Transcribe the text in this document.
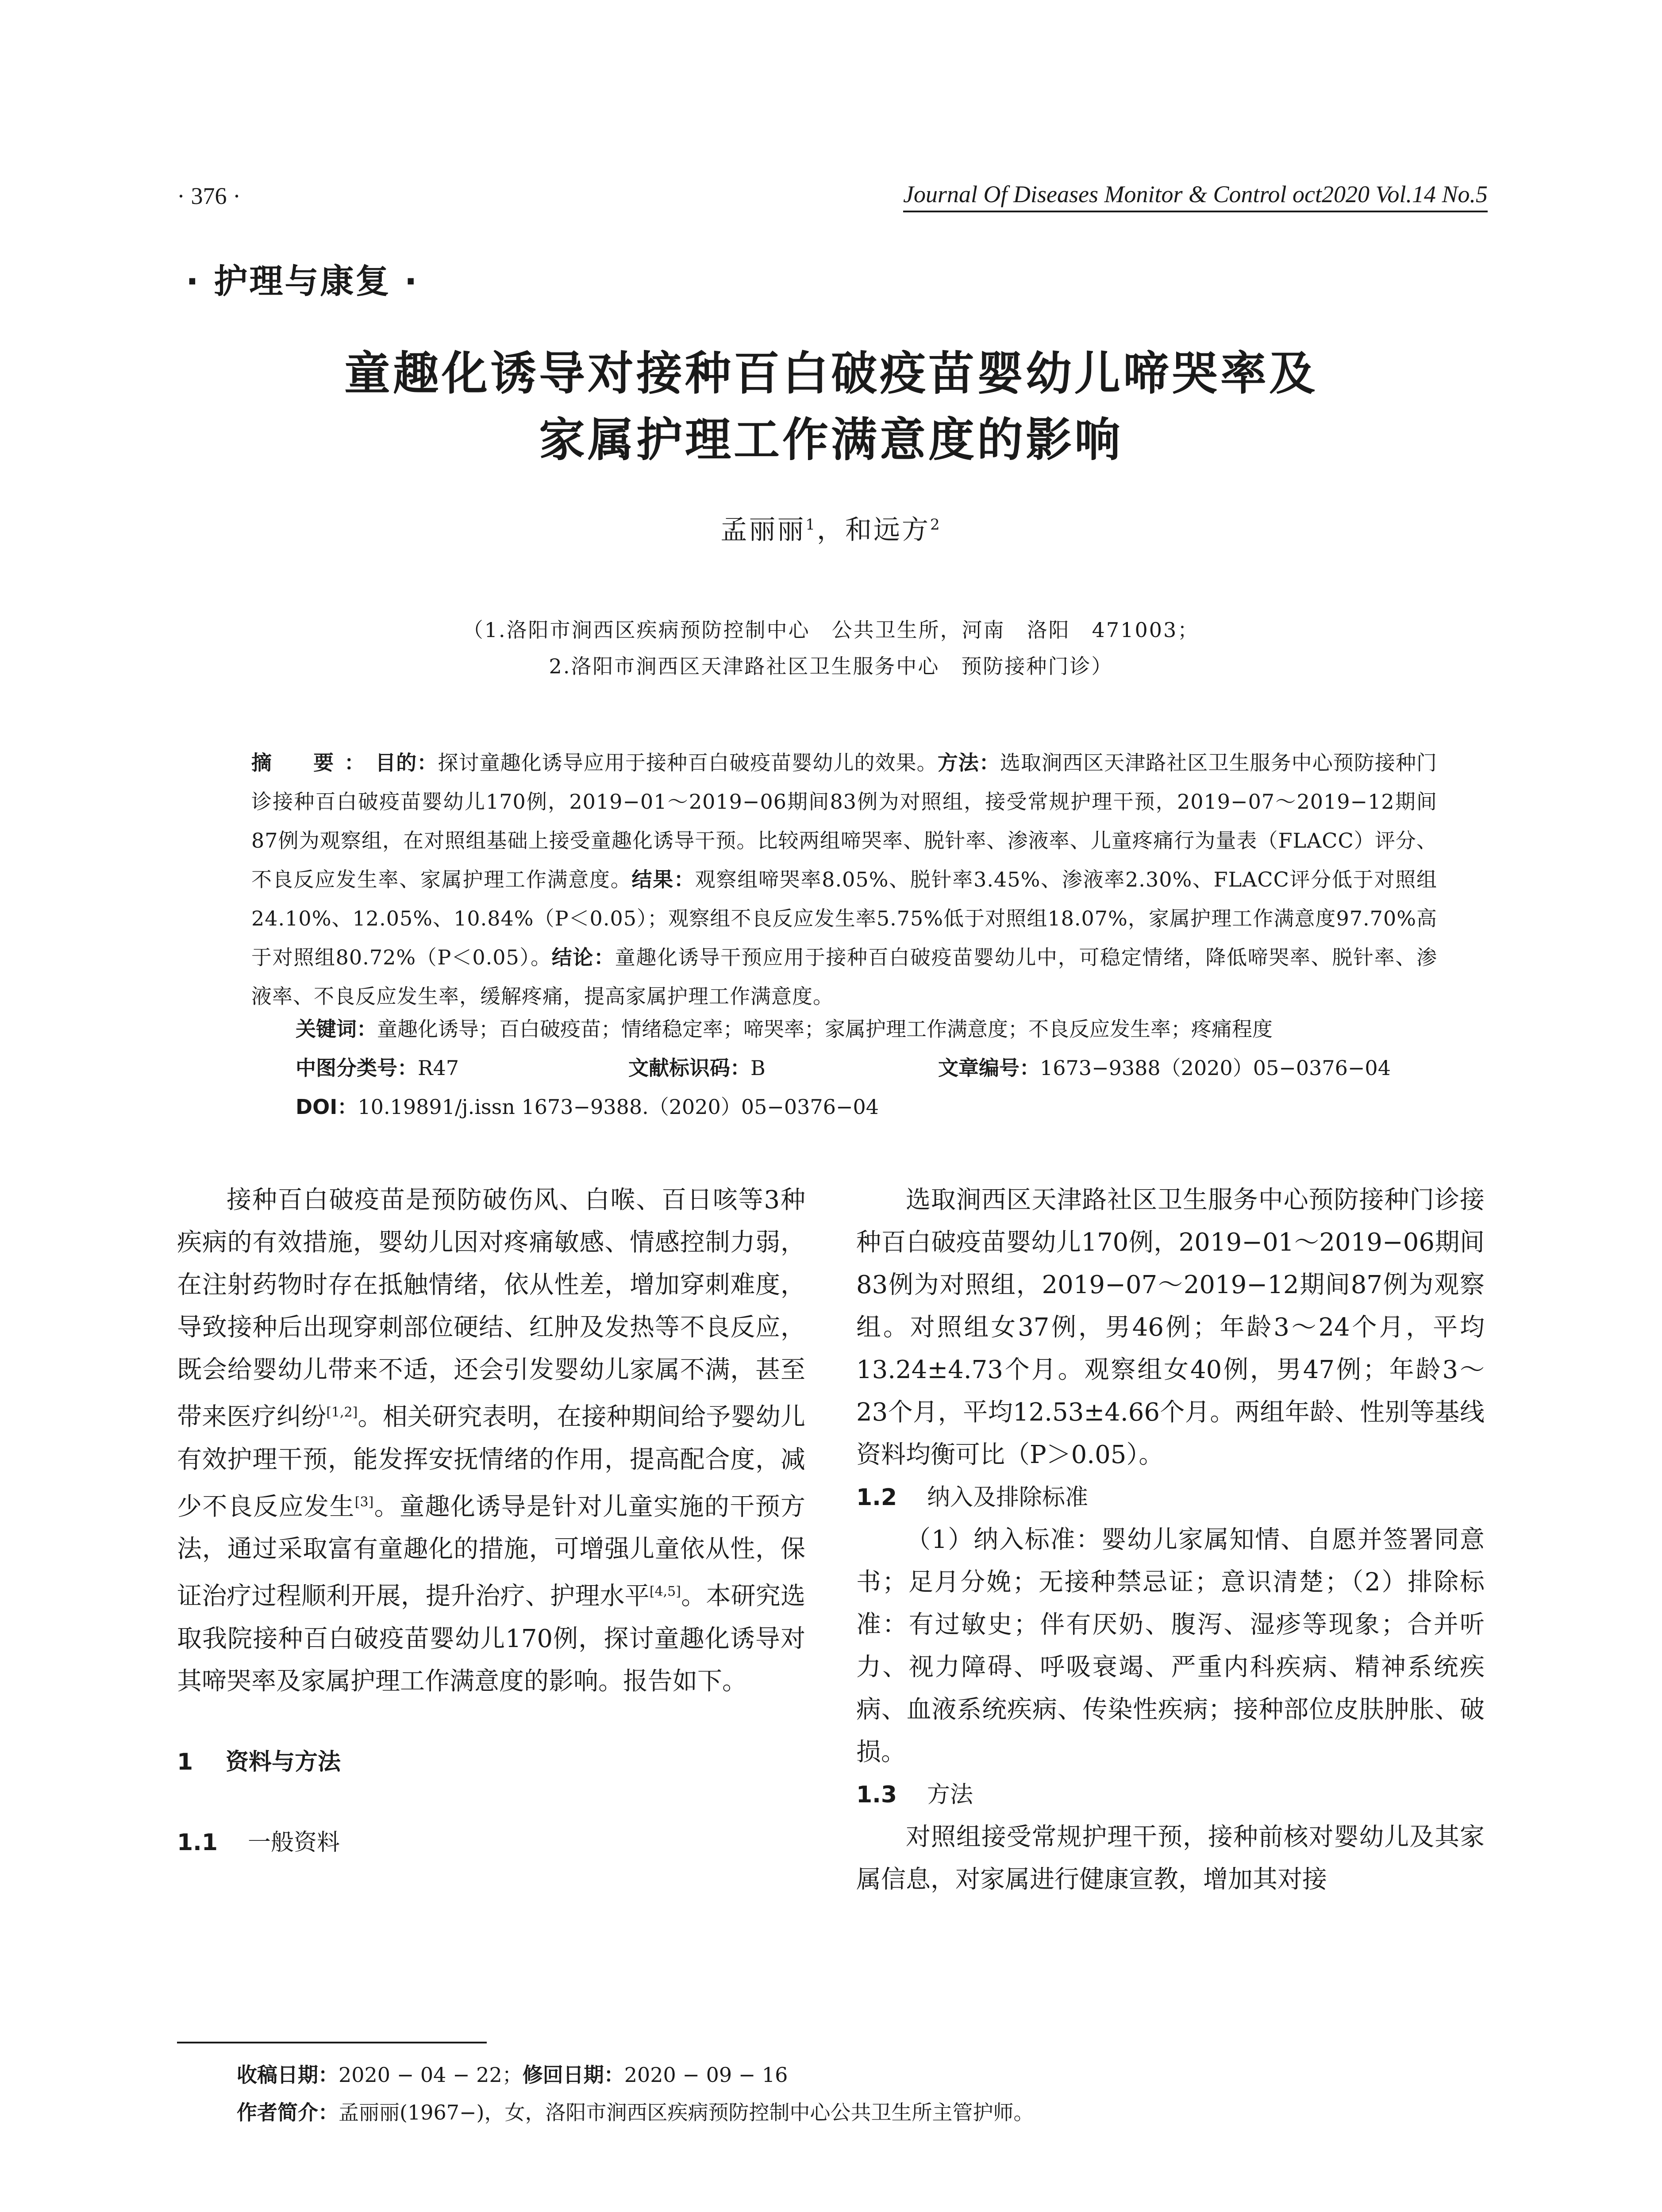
· 376 ·	Journal Of Diseases Monitor & Control oct2020 Vol.14 No.5
· 护理与康复 ·
童趣化诱导对接种百白破疫苗婴幼儿啼哭率及
家属护理工作满意度的影响
孟丽丽$^1$，和远方$^2$
（1.洛阳市涧西区疾病预防控制中心　公共卫生所，河南　洛阳　471003；
2.洛阳市涧西区天津路社区卫生服务中心　预防接种门诊）
摘　要：目的：探讨童趣化诱导应用于接种百白破疫苗婴幼儿的效果。方法：选取涧西区天津路社区卫生服务中心预防接种门诊接种百白破疫苗婴幼儿170例，2019−01～2019−06期间83例为对照组，接受常规护理干预，2019−07～2019−12期间87例为观察组，在对照组基础上接受童趣化诱导干预。比较两组啼哭率、脱针率、渗液率、儿童疼痛行为量表（FLACC）评分、不良反应发生率、家属护理工作满意度。结果：观察组啼哭率8.05%、脱针率3.45%、渗液率2.30%、FLACC评分低于对照组24.10%、12.05%、10.84%（P＜0.05）；观察组不良反应发生率5.75%低于对照组18.07%，家属护理工作满意度97.70%高于对照组80.72%（P＜0.05）。结论：童趣化诱导干预应用于接种百白破疫苗婴幼儿中，可稳定情绪，降低啼哭率、脱针率、渗液率、不良反应发生率，缓解疼痛，提高家属护理工作满意度。
关键词：童趣化诱导；百白破疫苗；情绪稳定率；啼哭率；家属护理工作满意度；不良反应发生率；疼痛程度
中图分类号：R47	文献标识码：B	文章编号：1673−9388（2020）05−0376−04
DOI：10.19891/j.issn 1673−9388.（2020）05−0376−04

接种百白破疫苗是预防破伤风、白喉、百日咳等3种疾病的有效措施，婴幼儿因对疼痛敏感、情感控制力弱，在注射药物时存在抵触情绪，依从性差，增加穿刺难度，导致接种后出现穿刺部位硬结、红肿及发热等不良反应，既会给婴幼儿带来不适，还会引发婴幼儿家属不满，甚至带来医疗纠纷[1,2]。相关研究表明，在接种期间给予婴幼儿有效护理干预，能发挥安抚情绪的作用，提高配合度，减少不良反应发生[3]。童趣化诱导是针对儿童实施的干预方法，通过采取富有童趣化的措施，可增强儿童依从性，保证治疗过程顺利开展，提升治疗、护理水平[4,5]。本研究选取我院接种百白破疫苗婴幼儿170例，探讨童趣化诱导对其啼哭率及家属护理工作满意度的影响。报告如下。

1 资料与方法

1.1 一般资料

选取涧西区天津路社区卫生服务中心预防接种门诊接种百白破疫苗婴幼儿170例，2019−01～2019−06期间83例为对照组，2019−07～2019−12期间87例为观察组。对照组女37例，男46例；年龄3～24个月，平均13.24±4.73个月。观察组女40例，男47例；年龄3～23个月，平均12.53±4.66个月。两组年龄、性别等基线资料均衡可比（P＞0.05）。

1.2 纳入及排除标准

（1）纳入标准：婴幼儿家属知情、自愿并签署同意书；足月分娩；无接种禁忌证；意识清楚；（2）排除标准：有过敏史；伴有厌奶、腹泻、湿疹等现象；合并听力、视力障碍、呼吸衰竭、严重内科疾病、精神系统疾病、血液系统疾病、传染性疾病；接种部位皮肤肿胀、破损。

1.3 方法

对照组接受常规护理干预，接种前核对婴幼儿及其家属信息，对家属进行健康宣教，增加其对接

收稿日期：2020 − 04 − 22；修回日期：2020 − 09 − 16
作者简介：孟丽丽(1967−)，女，洛阳市涧西区疾病预防控制中心公共卫生所主管护师。
